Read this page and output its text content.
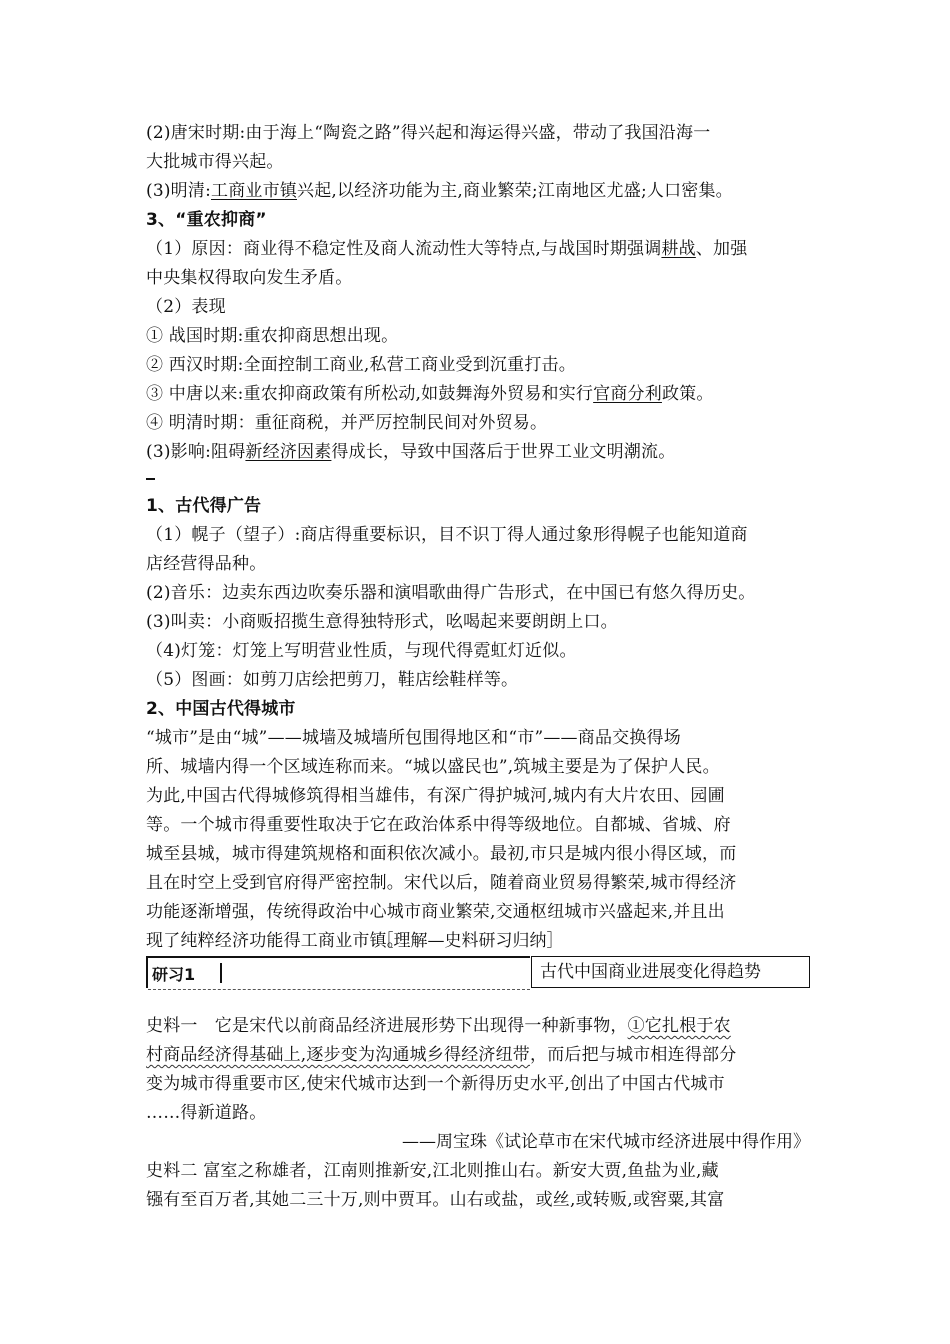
(2)唐宋时期:由于海上“陶瓷之路”得兴起和海运得兴盛，带动了我国沿海一
大批城市得兴起。
(3)明清:工商业市镇兴起,以经济功能为主,商业繁荣;江南地区尤盛;人口密集。
3、“重农抑商”
（1）原因：商业得不稳定性及商人流动性大等特点,与战国时期强调耕战、加强
中央集权得取向发生矛盾。
（2）表现
① 战国时期:重农抑商思想出现。
② 西汉时期:全面控制工商业,私营工商业受到沉重打击。
③ 中唐以来:重农抑商政策有所松动,如鼓舞海外贸易和实行官商分利政策。
④ 明清时期：重征商税，并严厉控制民间对外贸易。
(3)影响:阻碍新经济因素得成长，导致中国落后于世界工业文明潮流。
1、古代得广告
（1）幌子（望子）:商店得重要标识，目不识丁得人通过象形得幌子也能知道商
店经营得品种。
(2)音乐：边卖东西边吹奏乐器和演唱歌曲得广告形式，在中国已有悠久得历史。
(3)叫卖：小商贩招揽生意得独特形式，吆喝起来要朗朗上口。
（4)灯笼：灯笼上写明营业性质，与现代得霓虹灯近似。
（5）图画：如剪刀店绘把剪刀，鞋店绘鞋样等。
2、中国古代得城市
“城市”是由“城”——城墙及城墙所包围得地区和“市”——商品交换得场
所、城墙内得一个区域连称而来。“城以盛民也”,筑城主要是为了保护人民。
为此,中国古代得城修筑得相当雄伟，有深广得护城河,城内有大片农田、园圃
等。一个城市得重要性取决于它在政治体系中得等级地位。自都城、省城、府
城至县城，城市得建筑规格和面积依次减小。最初,市只是城内很小得区域，而
且在时空上受到官府得严密控制。宋代以后，随着商业贸易得繁荣,城市得经济
功能逐渐增强，传统得政治中心城市商业繁荣,交通枢纽城市兴盛起来,并且出
现了纯粹经济功能得工商业市镇。
［理解—史料研习归纳］
研习1	古代中国商业进展变化得趋势
史料一　它是宋代以前商品经济进展形势下出现得一种新事物，①它扎根于农
村商品经济得基础上,逐步变为沟通城乡得经济纽带，而后把与城市相连得部分
变为城市得重要市区,使宋代城市达到一个新得历史水平,创出了中国古代城市
……得新道路。
——周宝珠《试论草市在宋代城市经济进展中得作用》
史料二 富室之称雄者，江南则推新安,江北则推山右。新安大贾,鱼盐为业,藏
镪有至百万者,其她二三十万,则中贾耳。山右或盐，或丝,或转贩,或窖粟,其富
